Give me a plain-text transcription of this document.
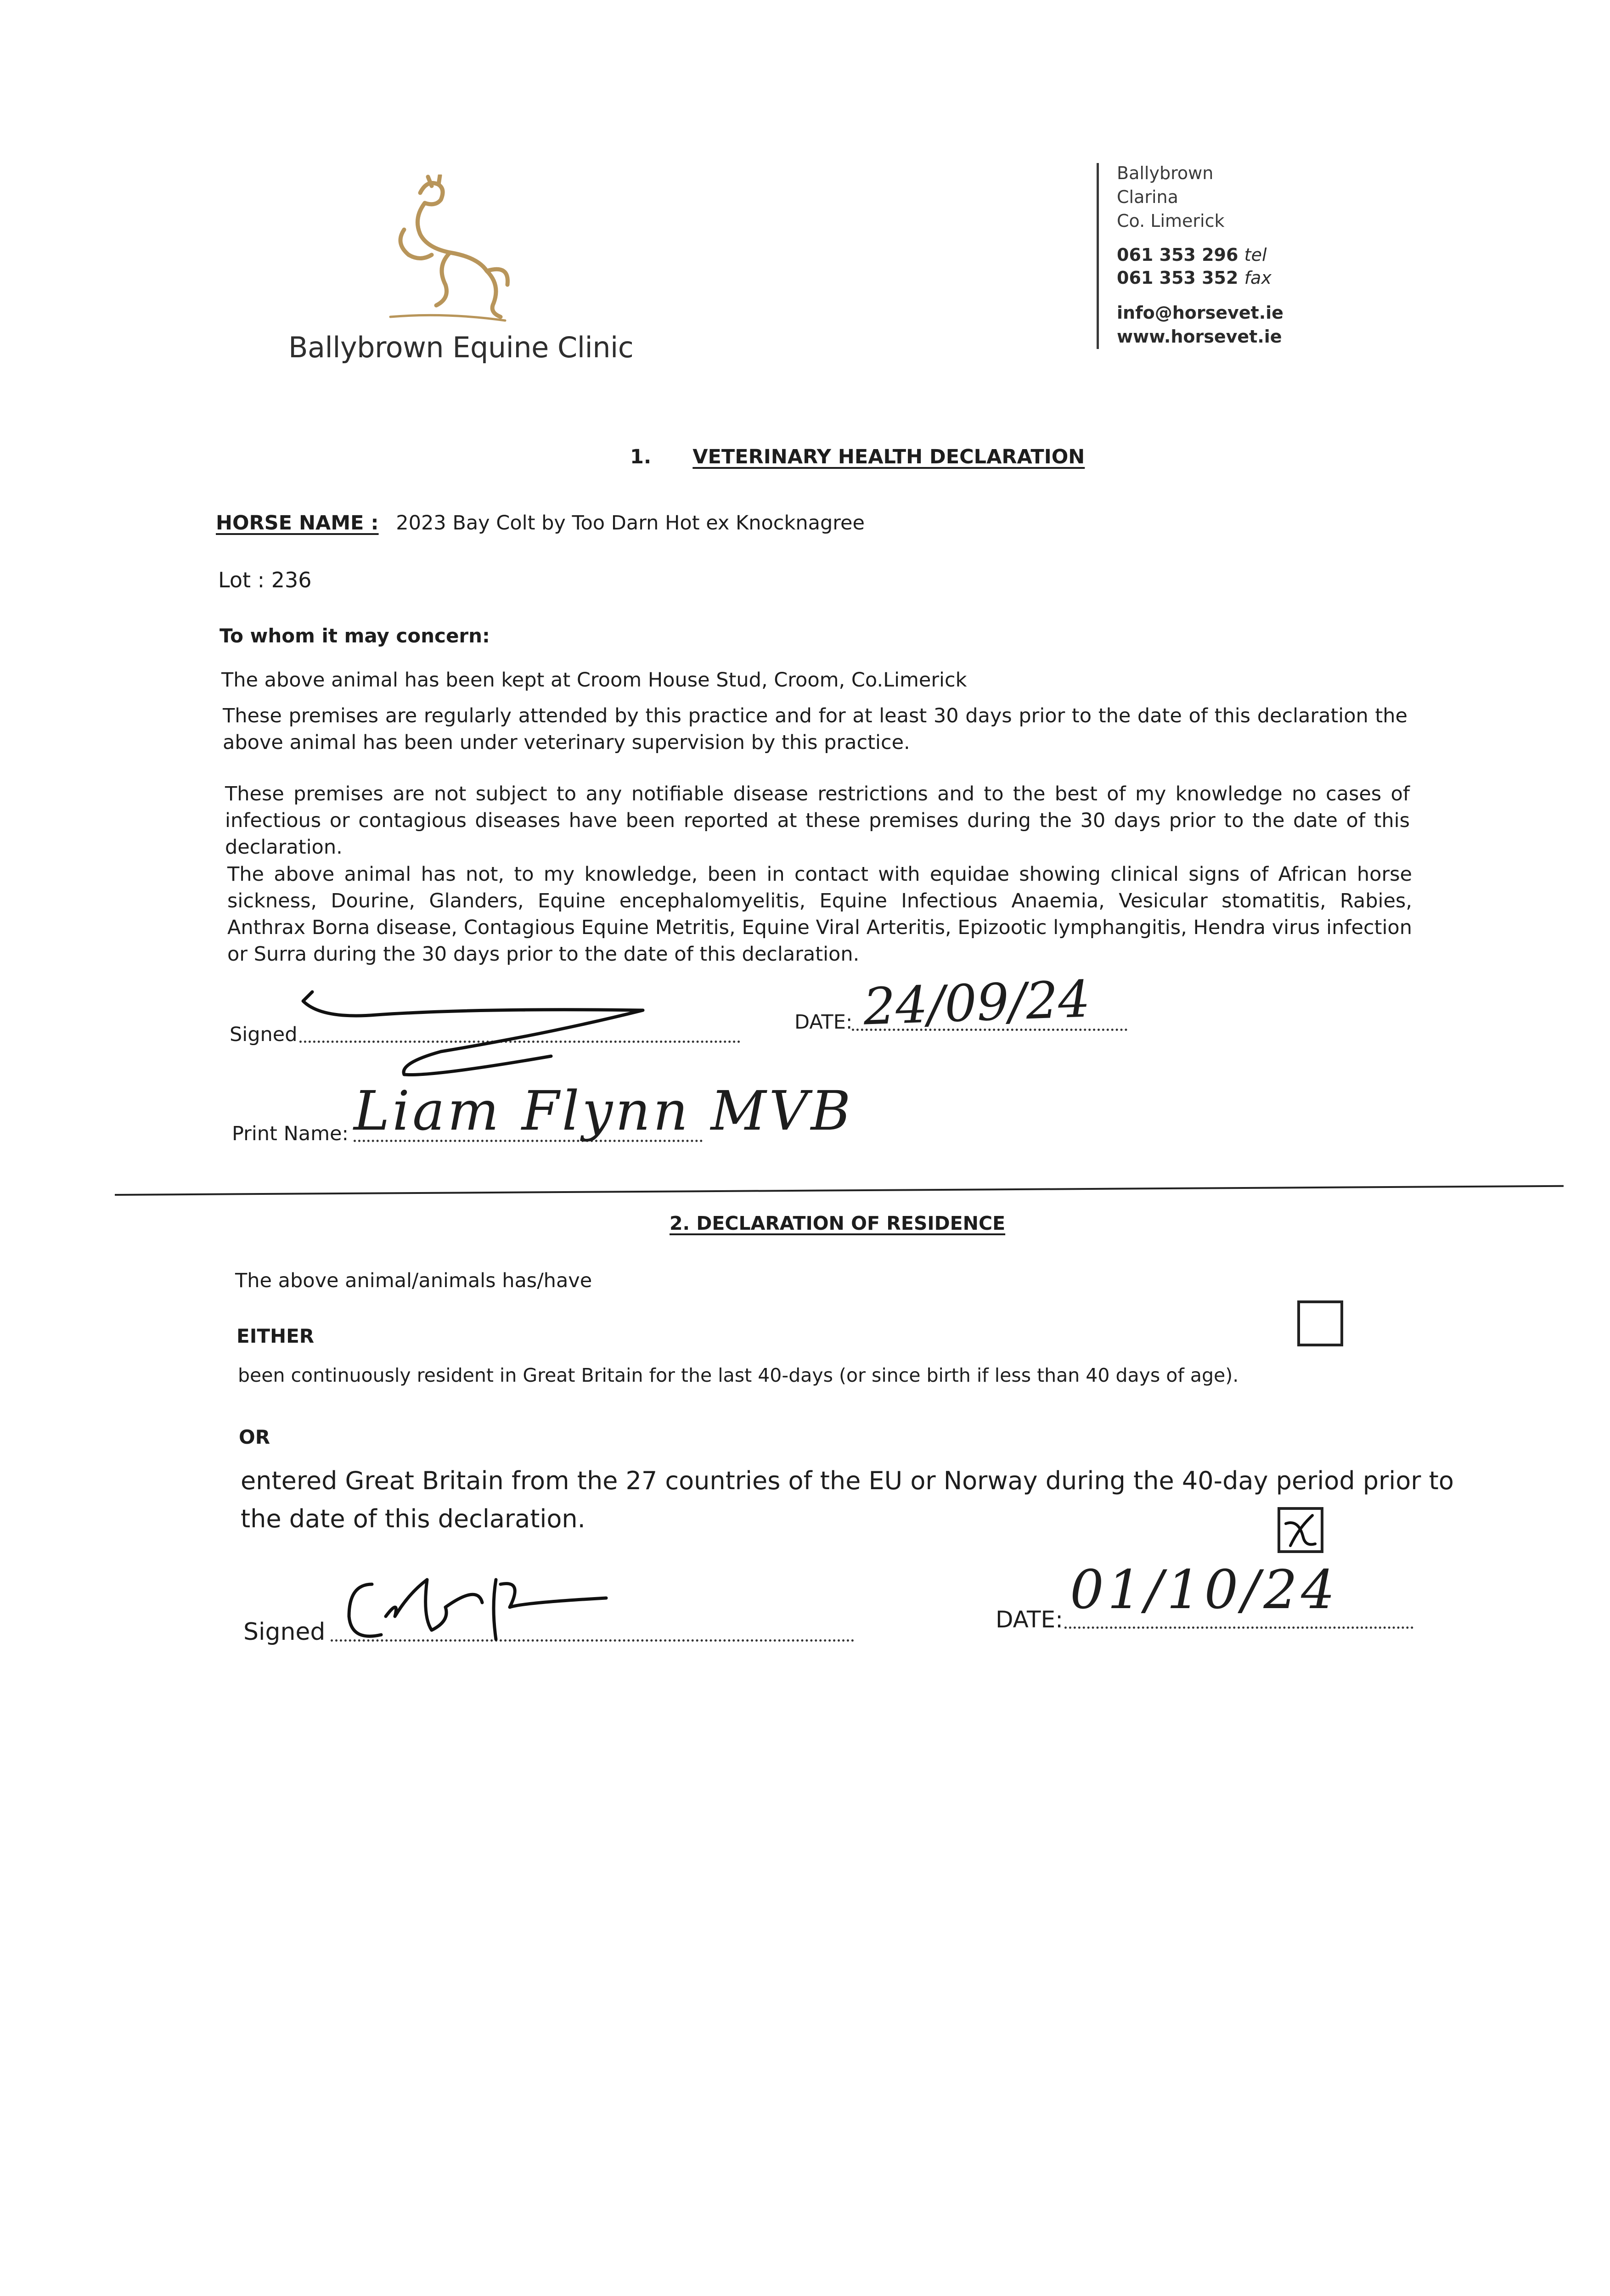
Ballybrown Equine Clinic
Ballybrown
Clarina
Co. Limerick
061 353 296 tel
061 353 352 fax
info@horsevet.ie
www.horsevet.ie
1. VETERINARY HEALTH DECLARATION
HORSE NAME : 2023 Bay Colt by Too Darn Hot ex Knocknagree
Lot : 236
To whom it may concern:
The above animal has been kept at Croom House Stud, Croom, Co.Limerick
These premises are regularly attended by this practice and for at least 30 days prior to the date of this declaration the above animal has been under veterinary supervision by this practice.
These premises are not subject to any notifiable disease restrictions and to the best of my knowledge no cases of infectious or contagious diseases have been reported at these premises during the 30 days prior to the date of this declaration.
The above animal has not, to my knowledge, been in contact with equidae showing clinical signs of African horse sickness, Dourine, Glanders, Equine encephalomyelitis, Equine Infectious Anaemia, Vesicular stomatitis, Rabies, Anthrax Borna disease, Contagious Equine Metritis, Equine Viral Arteritis, Epizootic lymphangitis, Hendra virus infection or Surra during the 30 days prior to the date of this declaration.
Signed
DATE: 24/09/24
Print Name: Liam Flynn MVB
2. DECLARATION OF RESIDENCE
The above animal/animals has/have
EITHER
been continuously resident in Great Britain for the last 40-days (or since birth if less than 40 days of age).
OR
entered Great Britain from the 27 countries of the EU or Norway during the 40-day period prior to
the date of this declaration.
Signed	DATE: 01/10/24
